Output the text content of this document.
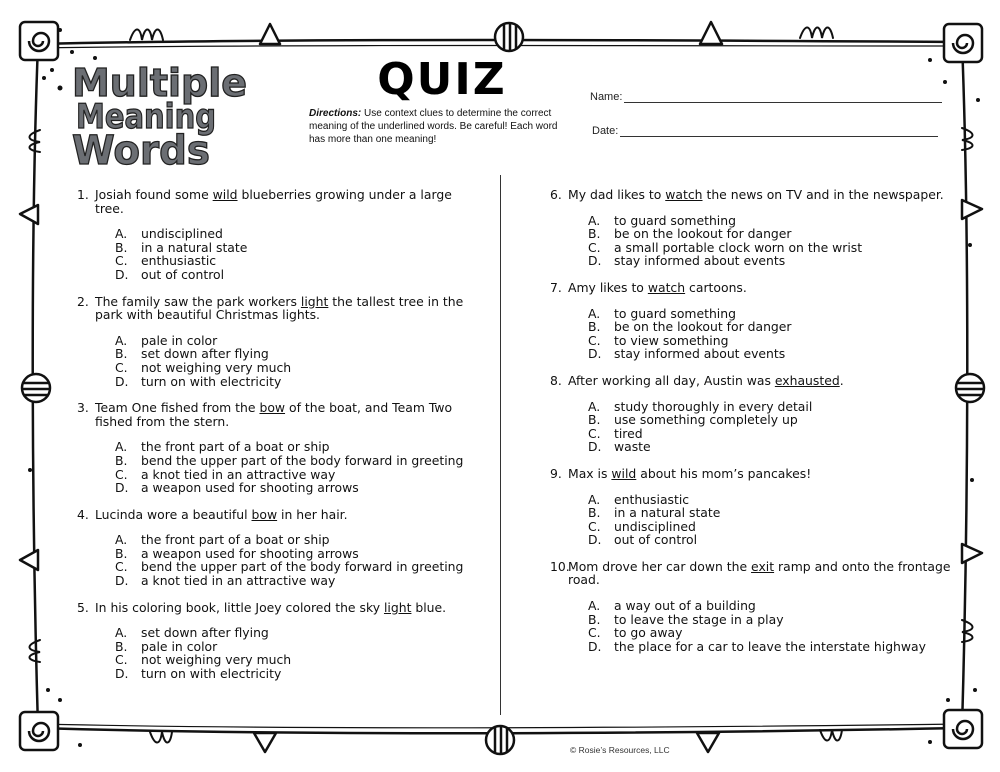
Multiple
Meaning
Words
QUIZ
Directions: Use context clues to determine the correct meaning of the underlined words. Be careful! Each word has more than one meaning!
Name:
Date:
1. Josiah found some wild blueberries growing under a large tree.
A.	undisciplined
B.	in a natural state
C.	enthusiastic
D.	out of control
2. The family saw the park workers light the tallest tree in the park with beautiful Christmas lights.
A.	pale in color
B.	set down after flying
C.	not weighing very much
D.	turn on with electricity
3. Team One fished from the bow of the boat, and Team Two fished from the stern.
A.	the front part of a boat or ship
B.	bend the upper part of the body forward in greeting
C.	a knot tied in an attractive way
D.	a weapon used for shooting arrows
4. Lucinda wore a beautiful bow in her hair.
A.	the front part of a boat or ship
B.	a weapon used for shooting arrows
C.	bend the upper part of the body forward in greeting
D.	a knot tied in an attractive way
5. In his coloring book, little Joey colored the sky light blue.
A.	set down after flying
B.	pale in color
C.	not weighing very much
D.	turn on with electricity
6. My dad likes to watch the news on TV and in the newspaper.
A.	to guard something
B.	be on the lookout for danger
C.	a small portable clock worn on the wrist
D.	stay informed about events
7. Amy likes to watch cartoons.
A.	to guard something
B.	be on the lookout for danger
C.	to view something
D.	stay informed about events
8. After working all day, Austin was exhausted.
A.	study thoroughly in every detail
B.	use something completely up
C.	tired
D.	waste
9. Max is wild about his mom’s pancakes!
A.	enthusiastic
B.	in a natural state
C.	undisciplined
D.	out of control
10.
Mom drove her car down the exit ramp and onto the frontage road.
A.	a way out of a building
B.	to leave the stage in a play
C.	to go away
D.	the place for a car to leave the interstate highway
© Rosie’s Resources, LLC
